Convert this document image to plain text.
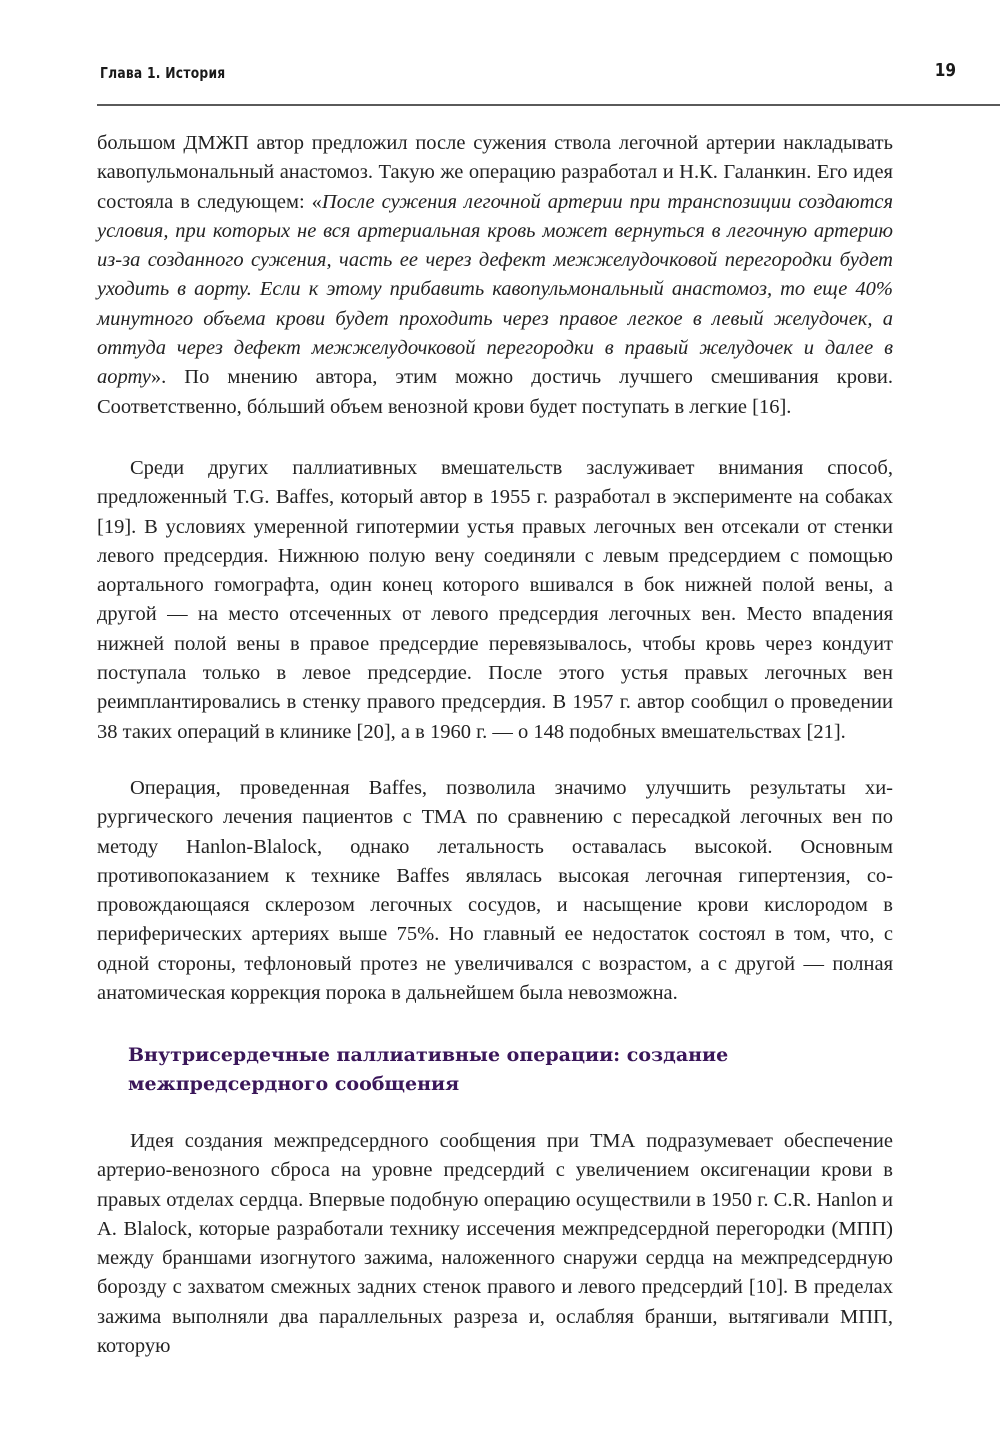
Глава 1. История	19

большом ДМЖП автор предложил после сужения ствола легочной артерии накладывать кавопульмональный анастомоз. Такую же операцию разработал и Н.К. Галанкин. Его идея состояла в следующем: «После сужения легочной артерии при транспозиции создаются условия, при которых не вся артериальная кровь может вернуться в легочную артерию из-за созданного сужения, часть ее через дефект межжелудочковой перегородки будет уходить в аорту. Если к этому прибавить кавопульмональный анастомоз, то еще 40% минутного объема крови будет проходить через правое легкое в левый желудочек, а оттуда через дефект межжелудочковой перегородки в правый желудочек и далее в аорту». По мнению автора, этим можно достичь лучшего смешивания крови. Соответственно, бóльший объем венозной крови будет поступать в легкие [16].

Среди других паллиативных вмешательств заслуживает внимания способ, предложенный T.G. Baffes, который автор в 1955 г. разработал в эксперименте на собаках [19]. В условиях умеренной гипотермии устья правых легочных вен отсекали от стенки левого предсердия. Нижнюю полую вену соединяли с левым предсердием с помощью аортального гомографта, один конец которого вшивался в бок нижней полой вены, а другой — на место отсеченных от левого предсердия легочных вен. Место впадения нижней полой вены в правое предсердие перевязывалось, чтобы кровь через кондуит поступала только в левое предсердие. После этого устья правых легочных вен реимплантировались в стенку правого предсердия. В 1957 г. автор сообщил о проведении 38 таких операций в клинике [20], а в 1960 г. — о 148 подобных вмешательствах [21].

Операция, проведенная Baffes, позволила значимо улучшить результаты хирургического лечения пациентов с ТМА по сравнению с пересадкой легочных вен по методу Hanlon-Blalock, однако летальность оставалась высокой. Основным противопоказанием к технике Baffes являлась высокая легочная гипертензия, сопровождающаяся склерозом легочных сосудов, и насыщение крови кислородом в периферических артериях выше 75%. Но главный ее недостаток состоял в том, что, с одной стороны, тефлоновый протез не увеличивался с возрастом, а с другой — полная анатомическая коррекция порока в дальнейшем была невозможна.

Внутрисердечные паллиативные операции: создание
межпредсердного сообщения

Идея создания межпредсердного сообщения при ТМА подразумевает обеспечение артерио-венозного сброса на уровне предсердий с увеличением оксигенации крови в правых отделах сердца. Впервые подобную операцию осуществили в 1950 г. C.R. Hanlon и A. Blalock, которые разработали технику иссечения межпредсердной перегородки (МПП) между браншами изогнутого зажима, наложенного снаружи сердца на межпредсердную борозду с захватом смежных задних стенок правого и левого предсердий [10]. В пределах зажима выполняли два параллельных разреза и, ослабляя бранши, вытягивали МПП, которую
